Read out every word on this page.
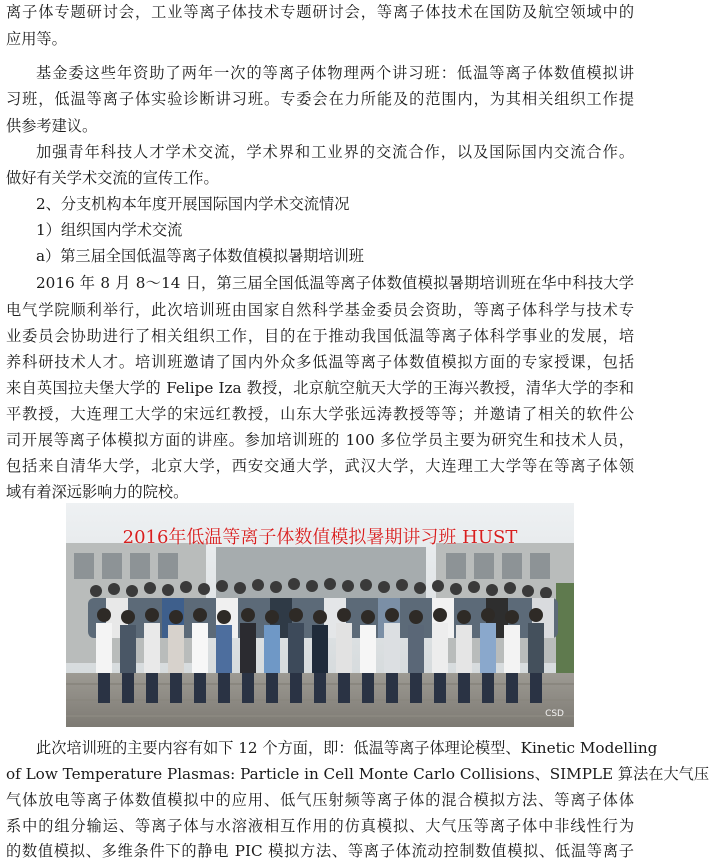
离子体专题研讨会，工业等离子体技术专题研讨会，等离子体技术在国防及航空领域中的
应用等。
基金委这些年资助了两年一次的等离子体物理两个讲习班：低温等离子体数值模拟讲
习班，低温等离子体实验诊断讲习班。专委会在力所能及的范围内，为其相关组织工作提
供参考建议。
加强青年科技人才学术交流，学术界和工业界的交流合作，以及国际国内交流合作。
做好有关学术交流的宣传工作。
2、分支机构本年度开展国际国内学术交流情况
1）组织国内学术交流
a）第三届全国低温等离子体数值模拟暑期培训班
2016 年 8 月 8～14 日，第三届全国低温等离子体数值模拟暑期培训班在华中科技大学
电气学院顺利举行，此次培训班由国家自然科学基金委员会资助，等离子体科学与技术专
业委员会协助进行了相关组织工作，目的在于推动我国低温等离子体科学事业的发展，培
养科研技术人才。培训班邀请了国内外众多低温等离子体数值模拟方面的专家授课，包括
来自英国拉夫堡大学的 Felipe Iza 教授，北京航空航天大学的王海兴教授，清华大学的李和
平教授，大连理工大学的宋远红教授，山东大学张远涛教授等等；并邀请了相关的软件公
司开展等离子体模拟方面的讲座。参加培训班的 100 多位学员主要为研究生和技术人员，
包括来自清华大学，北京大学，西安交通大学，武汉大学，大连理工大学等在等离子体领
域有着深远影响力的院校。
2016年低温等离子体数值模拟暑期讲习班 HUST
CSD
此次培训班的主要内容有如下 12 个方面，即：低温等离子体理论模型、Kinetic Modelling
of Low Temperature Plasmas: Particle in Cell Monte Carlo Collisions、SIMPLE 算法在大气压
气体放电等离子体数值模拟中的应用、低气压射频等离子体的混合模拟方法、等离子体体
系中的组分输运、等离子体与水溶液相互作用的仿真模拟、大气压等离子体中非线性行为
的数值模拟、多维条件下的静电 PIC 模拟方法、等离子体流动控制数值模拟、低温等离子
